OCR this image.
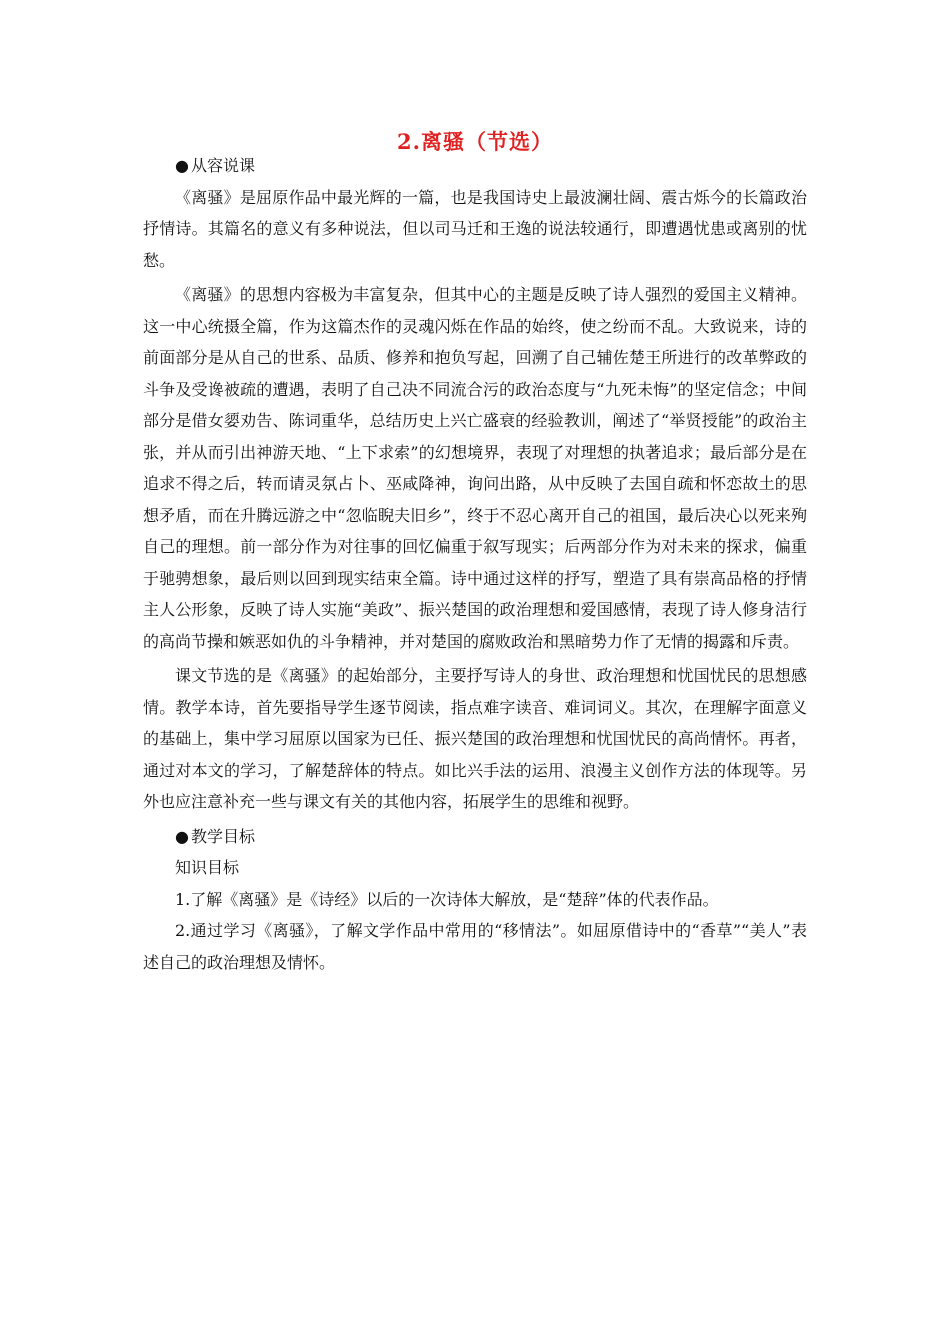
2.离骚（节选）

● 从容说课

《离骚》是屈原作品中最光辉的一篇，也是我国诗史上最波澜壮阔、震古烁今的长篇政治抒情诗。其篇名的意义有多种说法，但以司马迁和王逸的说法较通行，即遭遇忧患或离别的忧愁。

《离骚》的思想内容极为丰富复杂，但其中心的主题是反映了诗人强烈的爱国主义精神。这一中心统摄全篇，作为这篇杰作的灵魂闪烁在作品的始终，使之纷而不乱。大致说来，诗的前面部分是从自己的世系、品质、修养和抱负写起，回溯了自己辅佐楚王所进行的改革弊政的斗争及受谗被疏的遭遇，表明了自己决不同流合污的政治态度与“九死未悔”的坚定信念；中间部分是借女媭劝告、陈词重华，总结历史上兴亡盛衰的经验教训，阐述了“举贤授能”的政治主张，并从而引出神游天地、“上下求索”的幻想境界，表现了对理想的执著追求；最后部分是在追求不得之后，转而请灵氛占卜、巫咸降神，询问出路，从中反映了去国自疏和怀恋故土的思想矛盾，而在升腾远游之中“忽临睨夫旧乡”，终于不忍心离开自己的祖国，最后决心以死来殉自己的理想。前一部分作为对往事的回忆偏重于叙写现实；后两部分作为对未来的探求，偏重于驰骋想象，最后则以回到现实结束全篇。诗中通过这样的抒写，塑造了具有崇高品格的抒情主人公形象，反映了诗人实施“美政”、振兴楚国的政治理想和爱国感情，表现了诗人修身洁行的高尚节操和嫉恶如仇的斗争精神，并对楚国的腐败政治和黑暗势力作了无情的揭露和斥责。

课文节选的是《离骚》的起始部分，主要抒写诗人的身世、政治理想和忧国忧民的思想感情。教学本诗，首先要指导学生逐节阅读，指点难字读音、难词词义。其次，在理解字面意义的基础上，集中学习屈原以国家为已任、振兴楚国的政治理想和忧国忧民的高尚情怀。再者，通过对本文的学习，了解楚辞体的特点。如比兴手法的运用、浪漫主义创作方法的体现等。另外也应注意补充一些与课文有关的其他内容，拓展学生的思维和视野。

● 教学目标

知识目标

1.了解《离骚》是《诗经》以后的一次诗体大解放，是“楚辞”体的代表作品。

2.通过学习《离骚》，了解文学作品中常用的“移情法”。如屈原借诗中的“香草”“美人”表述自己的政治理想及情怀。
